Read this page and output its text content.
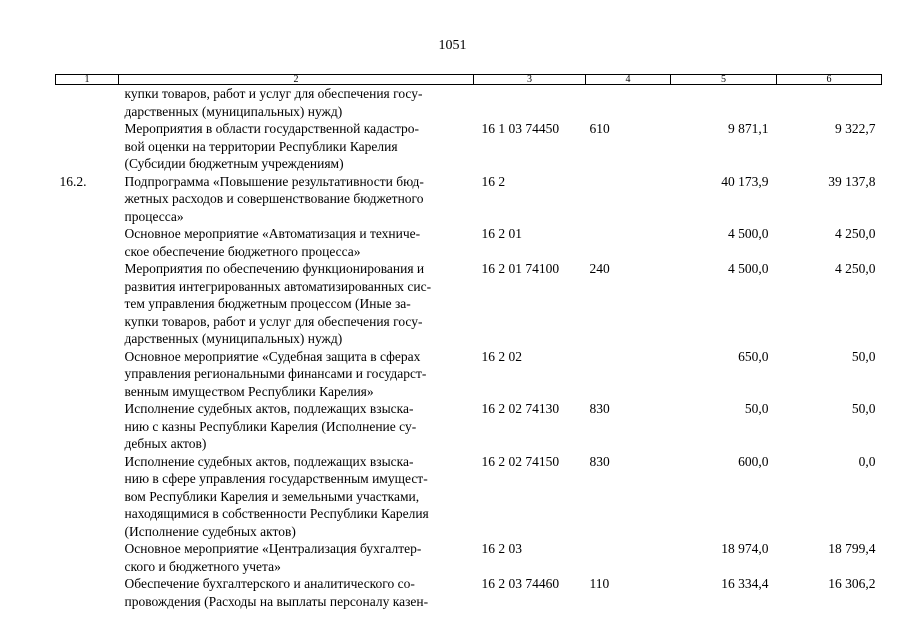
1051
1	2	3	4	5	6

	купки товаров, работ и услуг для обеспечения госу-
дарственных (муниципальных) нужд)				

	Мероприятия в области государственной кадастро-
вой оценки на территории Республики Карелия
(Субсидии бюджетным учреждениям)	16 1 03 74450	610	9 871,1	9 322,7
16.2.	Подпрограмма «Повышение результативности бюд-
жетных расходов и совершенствование бюджетного
процесса»	16 2		40 173,9	39 137,8

	Основное мероприятие «Автоматизация и техниче-
ское обеспечение бюджетного процесса»	16 2 01		4 500,0	4 250,0

	Мероприятия по обеспечению функционирования и
развития интегрированных автоматизированных сис-
тем управления бюджетным процессом (Иные за-
купки товаров, работ и услуг для обеспечения госу-
дарственных (муниципальных) нужд)	16 2 01 74100	240	4 500,0	4 250,0

	Основное мероприятие «Судебная защита в сферах
управления региональными финансами и государст-
венным имуществом Республики Карелия»	16 2 02		650,0	50,0

	Исполнение судебных актов, подлежащих взыска-
нию с казны Республики Карелия (Исполнение су-
дебных актов)	16 2 02 74130	830	50,0	50,0

	Исполнение судебных актов, подлежащих взыска-
нию в сфере управления государственным имущест-
вом Республики Карелия и земельными участками,
находящимися в собственности Республики Карелия
(Исполнение судебных актов)	16 2 02 74150	830	600,0	0,0

	Основное мероприятие «Централизация бухгалтер-
ского и бюджетного учета»	16 2 03		18 974,0	18 799,4

	Обеспечение бухгалтерского и аналитического со-
провождения (Расходы на выплаты персоналу казен-	16 2 03 74460	110	16 334,4	16 306,2
